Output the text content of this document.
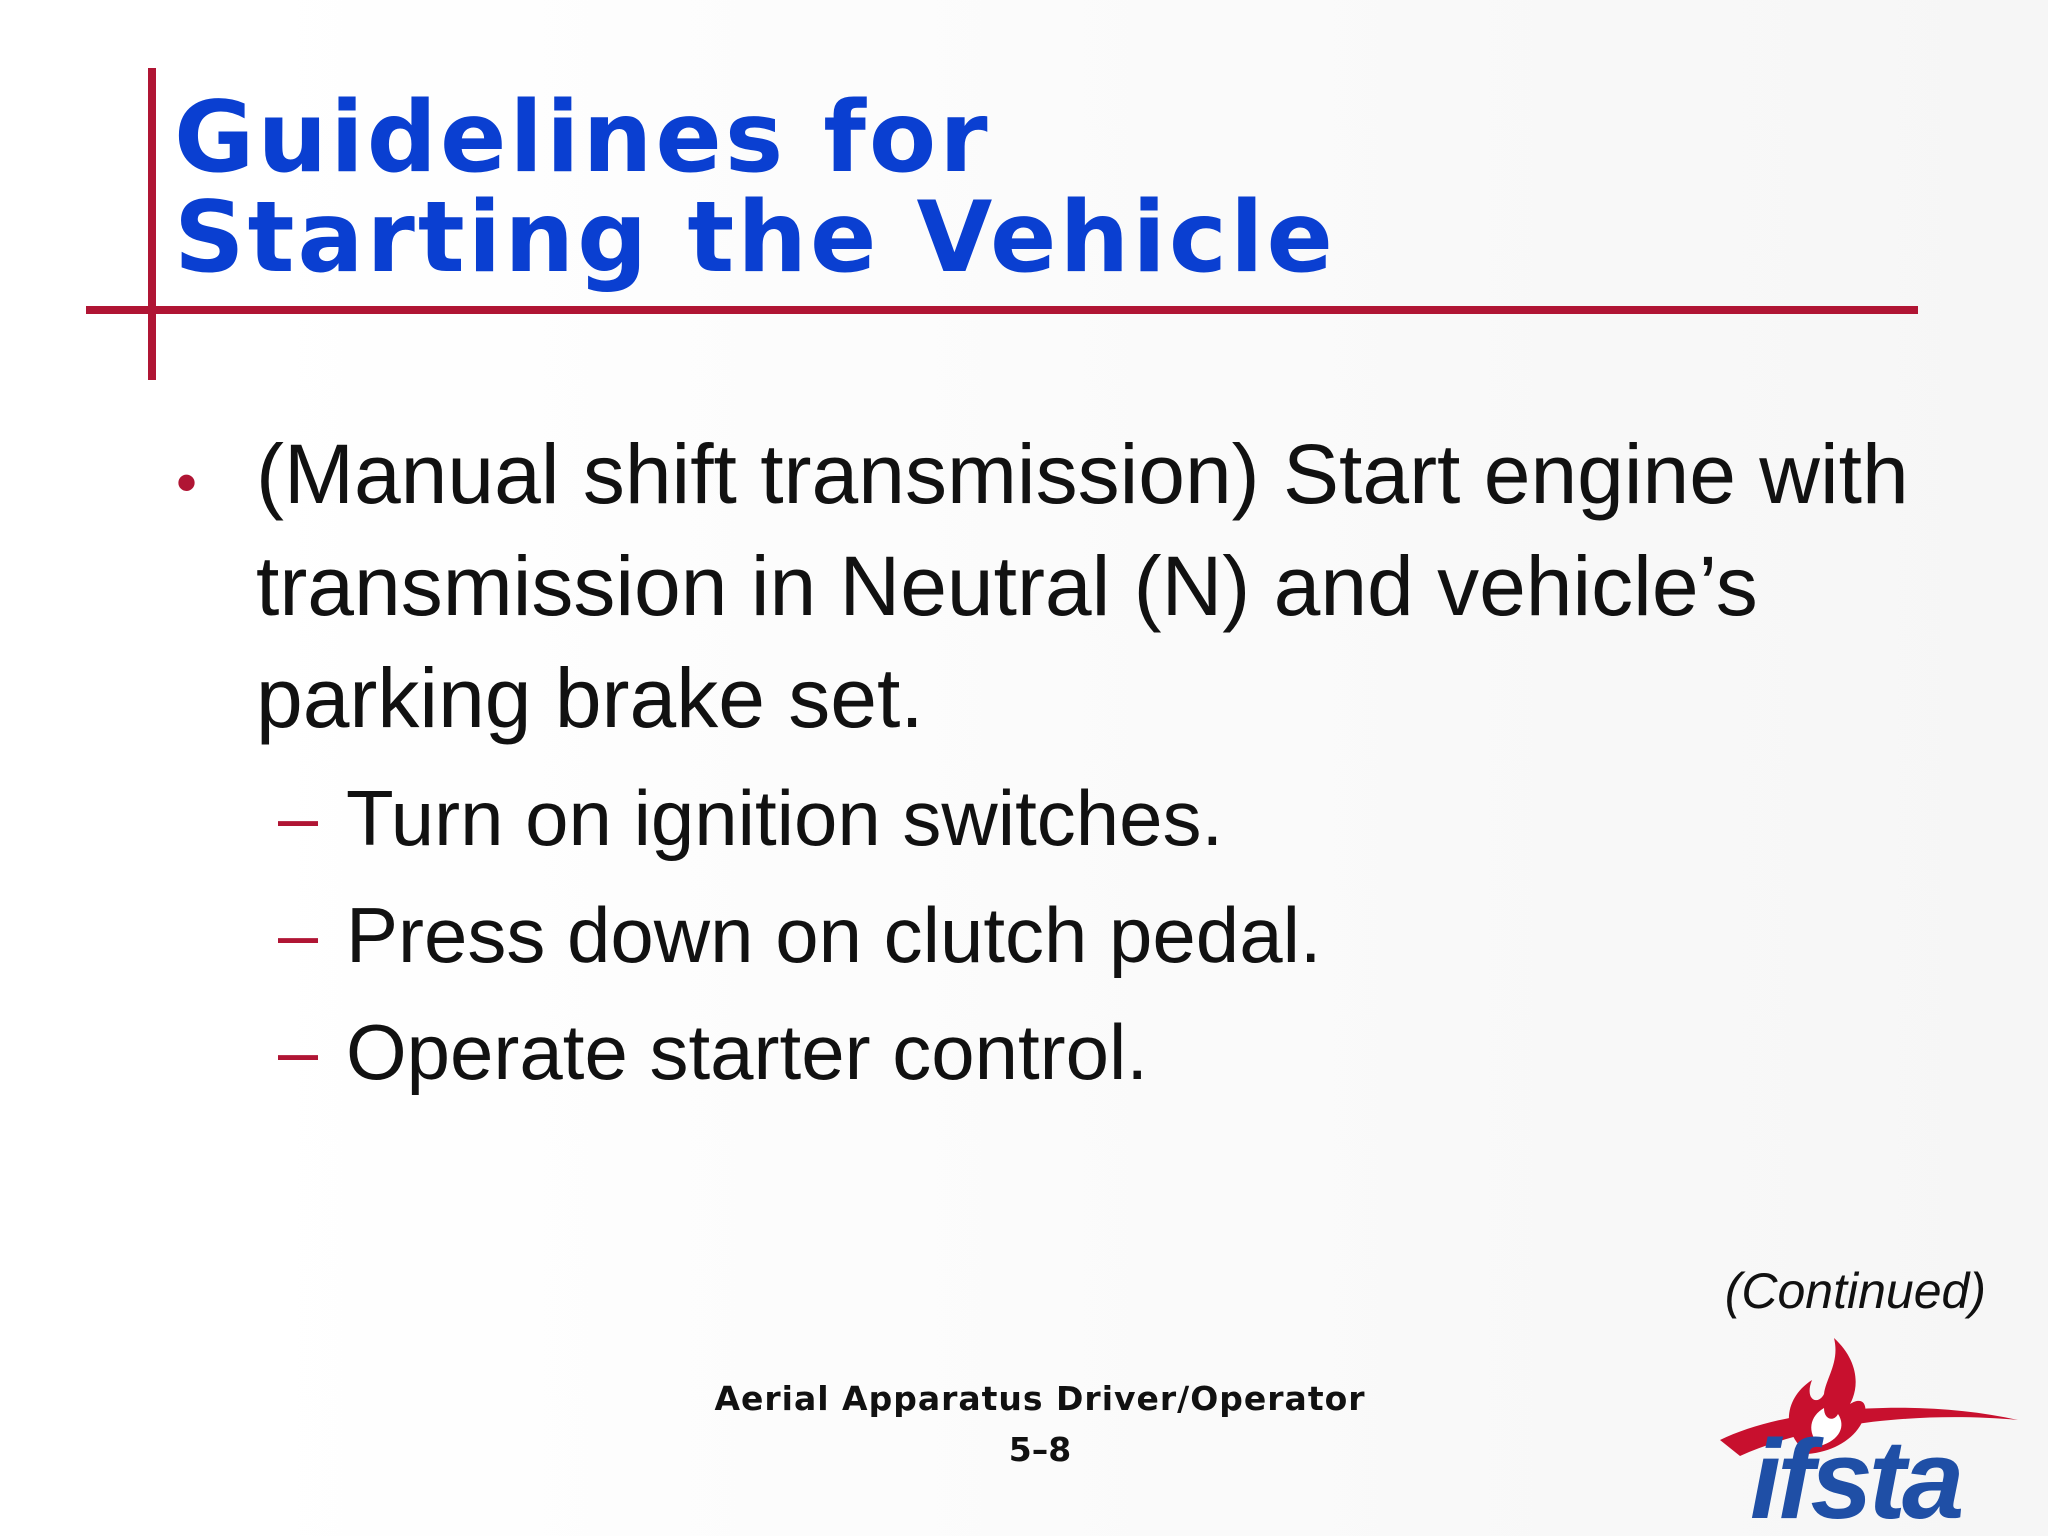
Guidelines for
Starting the Vehicle
• (Manual shift transmission) Start engine with transmission in Neutral (N) and vehicle’s parking brake set.

– Turn on ignition switches.
– Press down on clutch pedal.
– Operate starter control.
(Continued)
Aerial Apparatus Driver/Operator
5–8	ifsta
